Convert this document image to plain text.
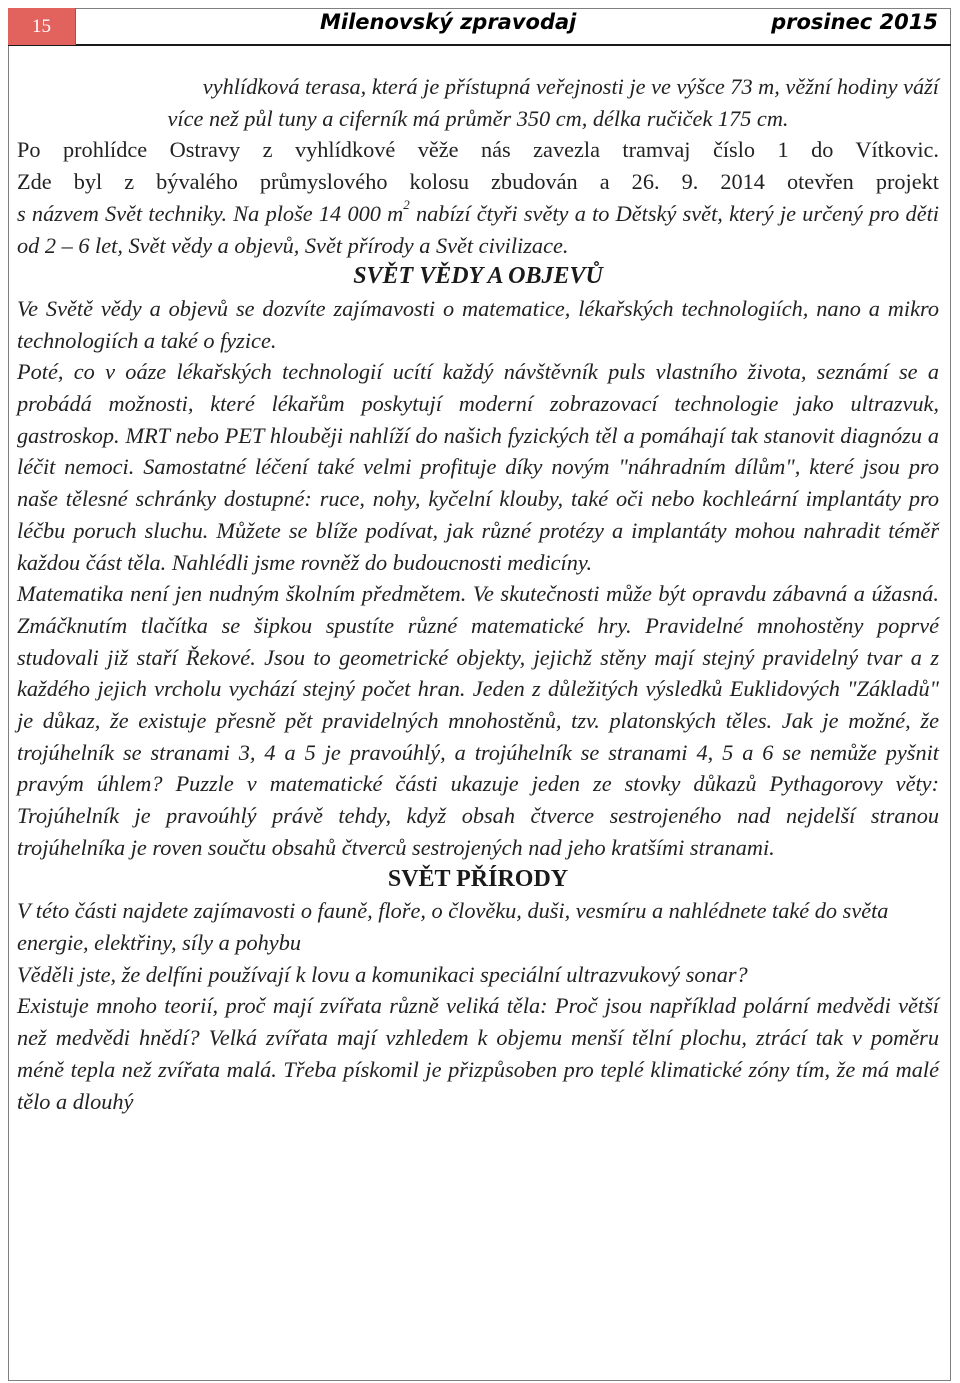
15	Milenovský zpravodaj	prosinec 2015

vyhlídková terasa, která je přístupná veřejnosti je ve výšce 73 m, věžní hodiny váží

více než půl tuny a ciferník má průměr 350 cm, délka ručiček 175 cm.

Po prohlídce Ostravy z vyhlídkové věže nás zavezla tramvaj číslo 1 do Vítkovic.

Zde byl z bývalého průmyslového kolosu zbudován a 26. 9. 2014 otevřen projekt

s názvem Svět techniky. Na ploše 14 000 $m^2$ nabízí čtyři světy a to Dětský svět, který je určený pro děti od 2 – 6 let, Svět vědy a objevů, Svět přírody a Svět civilizace.

SVĚT VĚDY A OBJEVŮ

Ve Světě vědy a objevů se dozvíte zajímavosti o matematice, lékařských technologiích, nano a mikro technologiích a také o fyzice.

Poté, co v oáze lékařských technologií ucítí každý návštěvník puls vlastního života, seznámí se a probádá možnosti, které lékařům poskytují moderní zobrazovací technologie jako ultrazvuk, gastroskop. MRT nebo PET hlouběji nahlíží do našich fyzických těl a pomáhají tak stanovit diagnózu a léčit nemoci. Samostatné léčení také velmi profituje díky novým "náhradním dílům", které jsou pro naše tělesné schránky dostupné: ruce, nohy, kyčelní klouby, také oči nebo kochleární implantáty pro léčbu poruch sluchu. Můžete se blíže podívat, jak různé protézy a implantáty mohou nahradit téměř každou část těla. Nahlédli jsme rovněž do budoucnosti medicíny.

Matematika není jen nudným školním předmětem. Ve skutečnosti může být opravdu zábavná a úžasná. Zmáčknutím tlačítka se šipkou spustíte různé matematické hry. Pravidelné mnohostěny poprvé studovali již staří Řekové. Jsou to geometrické objekty, jejichž stěny mají stejný pravidelný tvar a z každého jejich vrcholu vychází stejný počet hran. Jeden z důležitých výsledků Euklidových "Základů" je důkaz, že existuje přesně pět pravidelných mnohostěnů, tzv. platonských těles. Jak je možné, že trojúhelník se stranami 3, 4 a 5 je pravoúhlý, a trojúhelník se stranami 4, 5 a 6 se nemůže pyšnit pravým úhlem? Puzzle v matematické části ukazuje jeden ze stovky důkazů Pythagorovy věty: Trojúhelník je pravoúhlý právě tehdy, když obsah čtverce sestrojeného nad nejdelší stranou trojúhelníka je roven součtu obsahů čtverců sestrojených nad jeho kratšími stranami.

SVĚT PŘÍRODY

V této části najdete zajímavosti o fauně, floře, o člověku, duši, vesmíru a nahlédnete také do světa energie, elektřiny, síly a pohybu

Věděli jste, že delfíni používají k lovu a komunikaci speciální ultrazvukový sonar?

Existuje mnoho teorií, proč mají zvířata různě veliká těla: Proč jsou například polární medvědi větší než medvědi hnědí? Velká zvířata mají vzhledem k objemu menší tělní plochu, ztrácí tak v poměru méně tepla než zvířata malá. Třeba pískomil je přizpůsoben pro teplé klimatické zóny tím, že má malé tělo a dlouhý
